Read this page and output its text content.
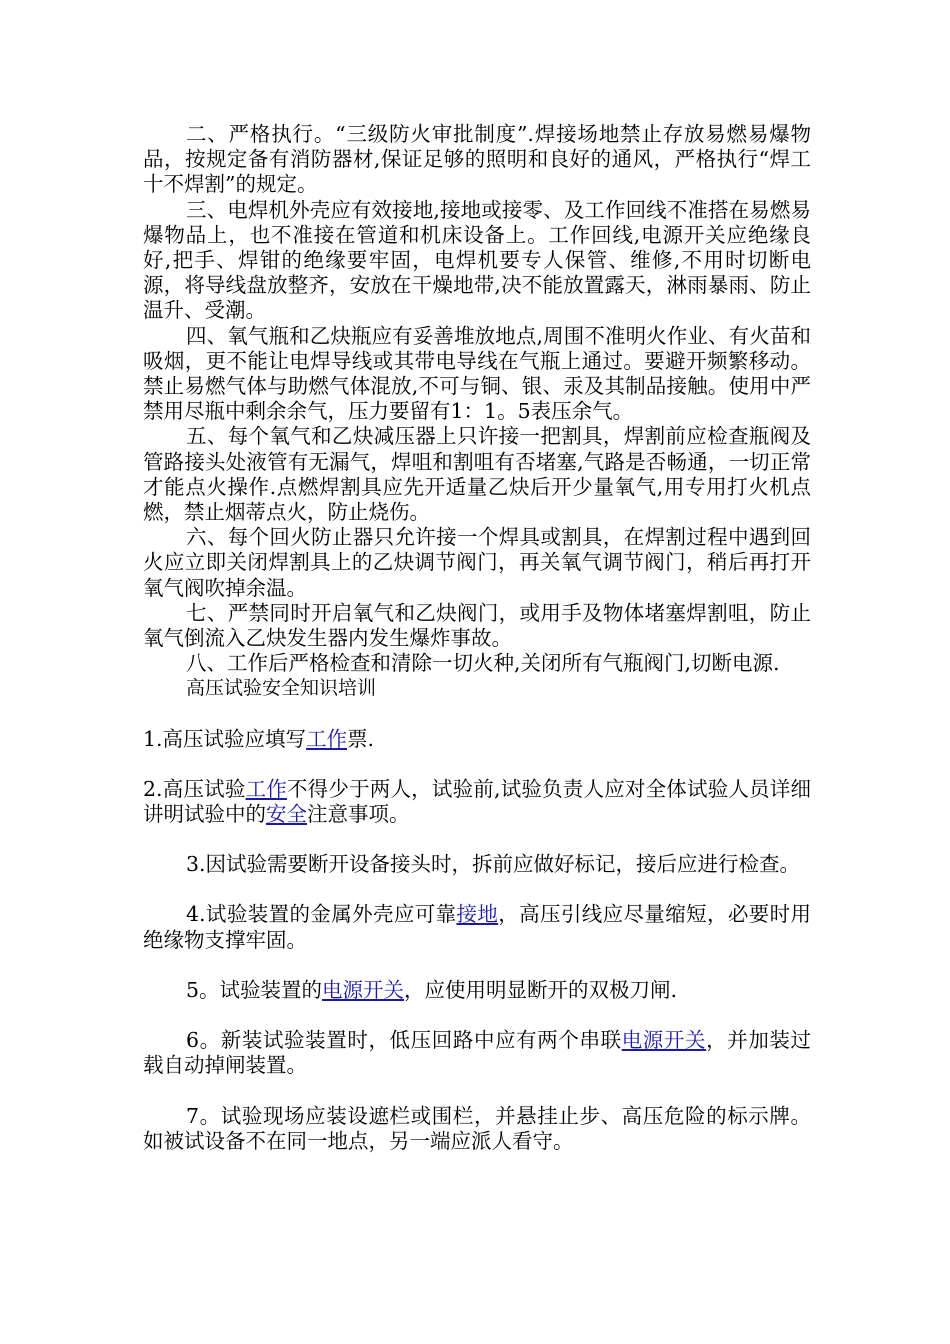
二、严格执行。“三级防火审批制度”.焊接场地禁止存放易燃易爆物品，按规定备有消防器材,保证足够的照明和良好的通风，严格执行“焊工十不焊割”的规定。

三、电焊机外壳应有效接地,接地或接零、及工作回线不准搭在易燃易爆物品上，也不准接在管道和机床设备上。工作回线,电源开关应绝缘良好,把手、焊钳的绝缘要牢固，电焊机要专人保管、维修,不用时切断电源，将导线盘放整齐，安放在干燥地带,决不能放置露天，淋雨暴雨、防止温升、受潮。

四、氧气瓶和乙炔瓶应有妥善堆放地点,周围不准明火作业、有火苗和吸烟，更不能让电焊导线或其带电导线在气瓶上通过。要避开频繁移动。禁止易燃气体与助燃气体混放,不可与铜、银、汞及其制品接触。使用中严禁用尽瓶中剩余余气，压力要留有1：1。5表压余气。

五、每个氧气和乙炔减压器上只许接一把割具，焊割前应检查瓶阀及管路接头处液管有无漏气，焊咀和割咀有否堵塞,气路是否畅通，一切正常才能点火操作.点燃焊割具应先开适量乙炔后开少量氧气,用专用打火机点燃，禁止烟蒂点火，防止烧伤。

六、每个回火防止器只允许接一个焊具或割具，在焊割过程中遇到回火应立即关闭焊割具上的乙炔调节阀门，再关氧气调节阀门，稍后再打开氧气阀吹掉余温。

七、严禁同时开启氧气和乙炔阀门，或用手及物体堵塞焊割咀，防止氧气倒流入乙炔发生器内发生爆炸事故。

八、工作后严格检查和清除一切火种,关闭所有气瓶阀门,切断电源.

高压试验安全知识培训

1.高压试验应填写工作票.

2.高压试验工作不得少于两人，试验前,试验负责人应对全体试验人员详细讲明试验中的安全注意事项。

3.因试验需要断开设备接头时，拆前应做好标记，接后应进行检查。

4.试验装置的金属外壳应可靠接地，高压引线应尽量缩短，必要时用绝缘物支撑牢固。

5。试验装置的电源开关，应使用明显断开的双极刀闸.

6。新装试验装置时，低压回路中应有两个串联电源开关，并加装过载自动掉闸装置。

7。试验现场应装设遮栏或围栏，并悬挂止步、高压危险的标示牌。如被试设备不在同一地点，另一端应派人看守。
